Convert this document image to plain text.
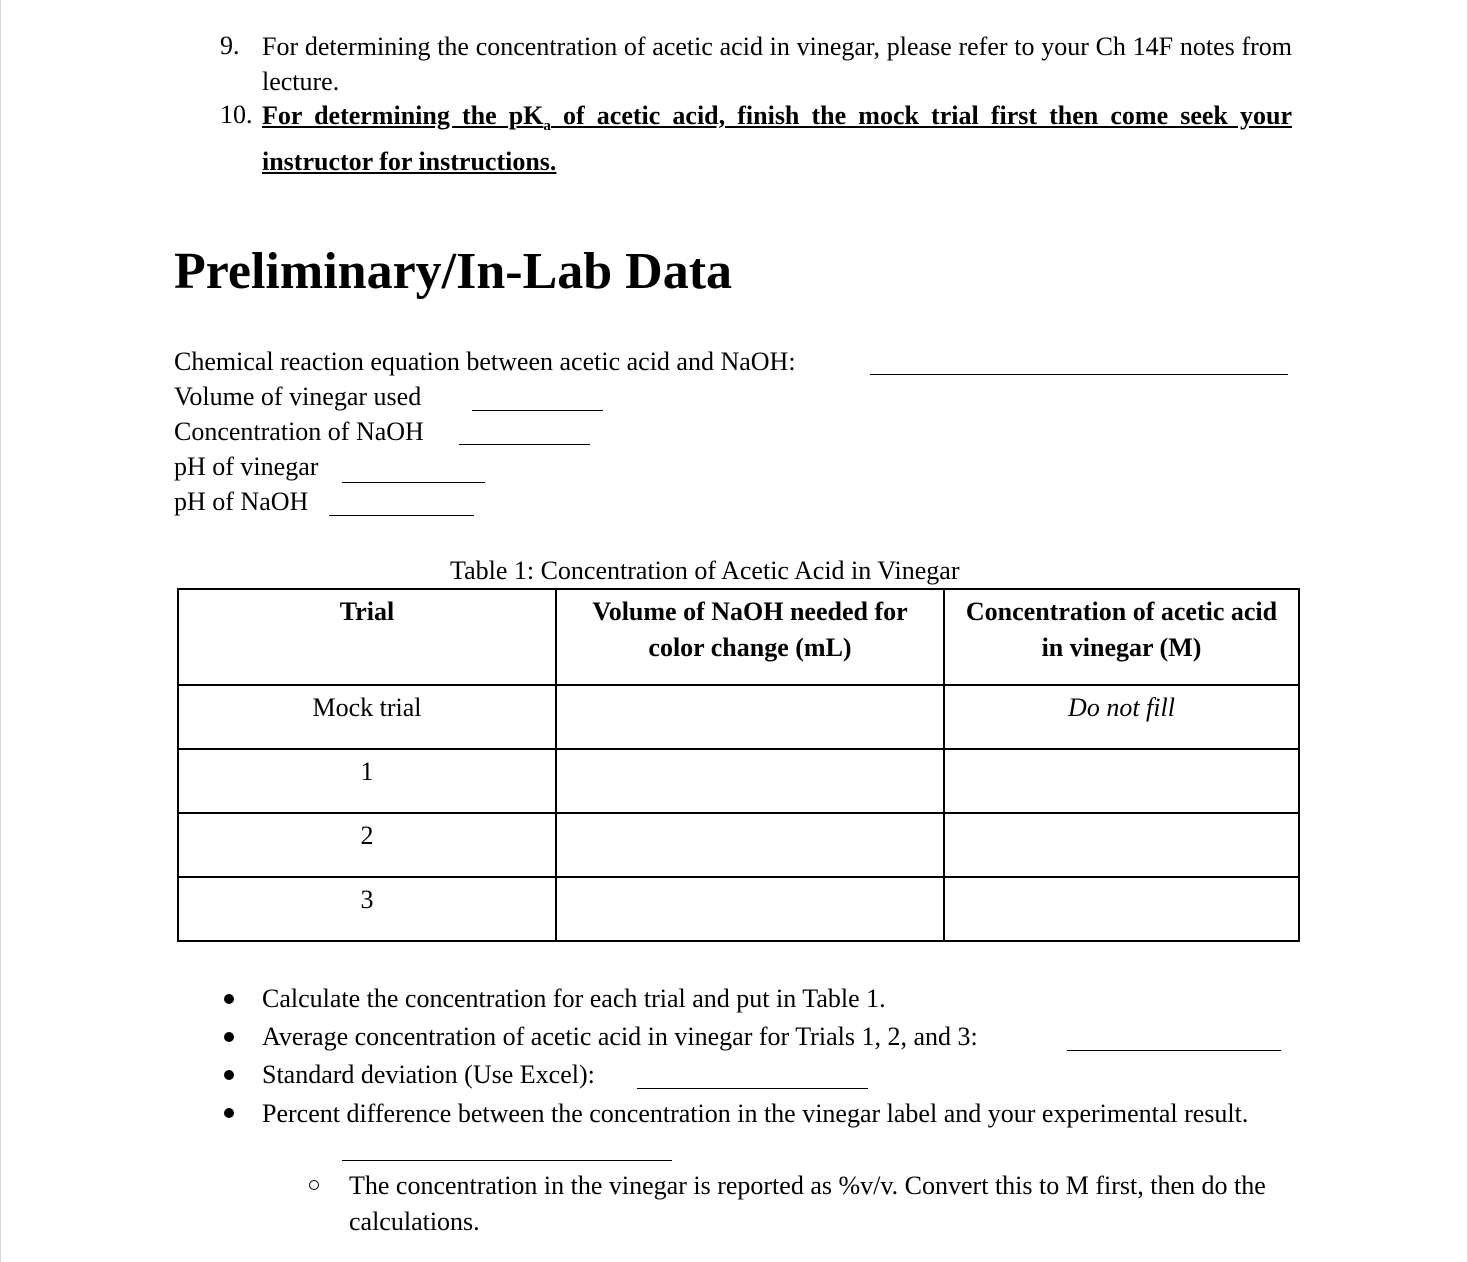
9. For determining the concentration of acetic acid in vinegar, please refer to your Ch 14F notes from lecture.
10. For determining the $pK_a$ of acetic acid, finish the mock trial first then come seek your instructor for instructions.
Preliminary/In-Lab Data
Chemical reaction equation between acetic acid and NaOH:
Volume of vinegar used
Concentration of NaOH
pH of vinegar
pH of NaOH
Table 1: Concentration of Acetic Acid in Vinegar
Trial	Volume of NaOH needed for color change (mL)	Concentration of acetic acid in vinegar (M)
Mock trial		Do not fill
1		
2		
3		
Calculate the concentration for each trial and put in Table 1.
Average concentration of acetic acid in vinegar for Trials 1, 2, and 3:
Standard deviation (Use Excel):
Percent difference between the concentration in the vinegar label and your experimental result.
The concentration in the vinegar is reported as %v/v. Convert this to M first, then do the calculations.
